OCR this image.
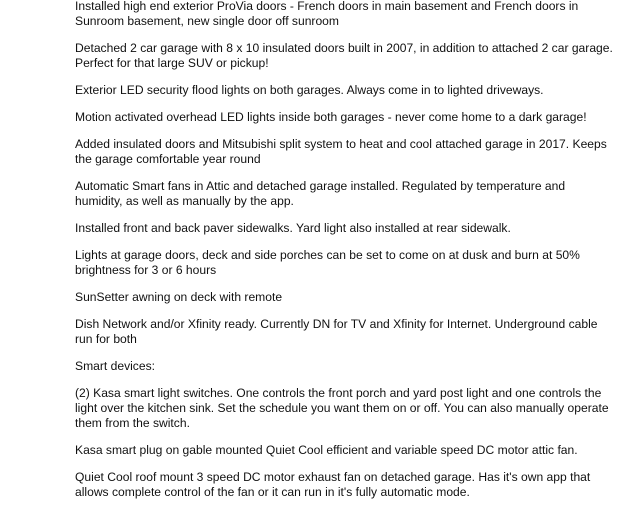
Installed high end exterior ProVia doors - French doors in main basement and French doors in
Sunroom basement, new single door off sunroom

Detached 2 car garage with 8 x 10 insulated doors built in 2007, in addition to attached 2 car garage.
Perfect for that large SUV or pickup!

Exterior LED security flood lights on both garages. Always come in to lighted driveways.

Motion activated overhead LED lights inside both garages - never come home to a dark garage!

Added insulated doors and Mitsubishi split system to heat and cool attached garage in 2017. Keeps
the garage comfortable year round

Automatic Smart fans in Attic and detached garage installed. Regulated by temperature and
humidity, as well as manually by the app.

Installed front and back paver sidewalks. Yard light also installed at rear sidewalk.

Lights at garage doors, deck and side porches can be set to come on at dusk and burn at 50%
brightness for 3 or 6 hours

SunSetter awning on deck with remote

Dish Network and/or Xfinity ready. Currently DN for TV and Xfinity for Internet. Underground cable
run for both

Smart devices:

(2) Kasa smart light switches. One controls the front porch and yard post light and one controls the
light over the kitchen sink. Set the schedule you want them on or off. You can also manually operate
them from the switch.

Kasa smart plug on gable mounted Quiet Cool efficient and variable speed DC motor attic fan.

Quiet Cool roof mount 3 speed DC motor exhaust fan on detached garage. Has it's own app that
allows complete control of the fan or it can run in it's fully automatic mode.
